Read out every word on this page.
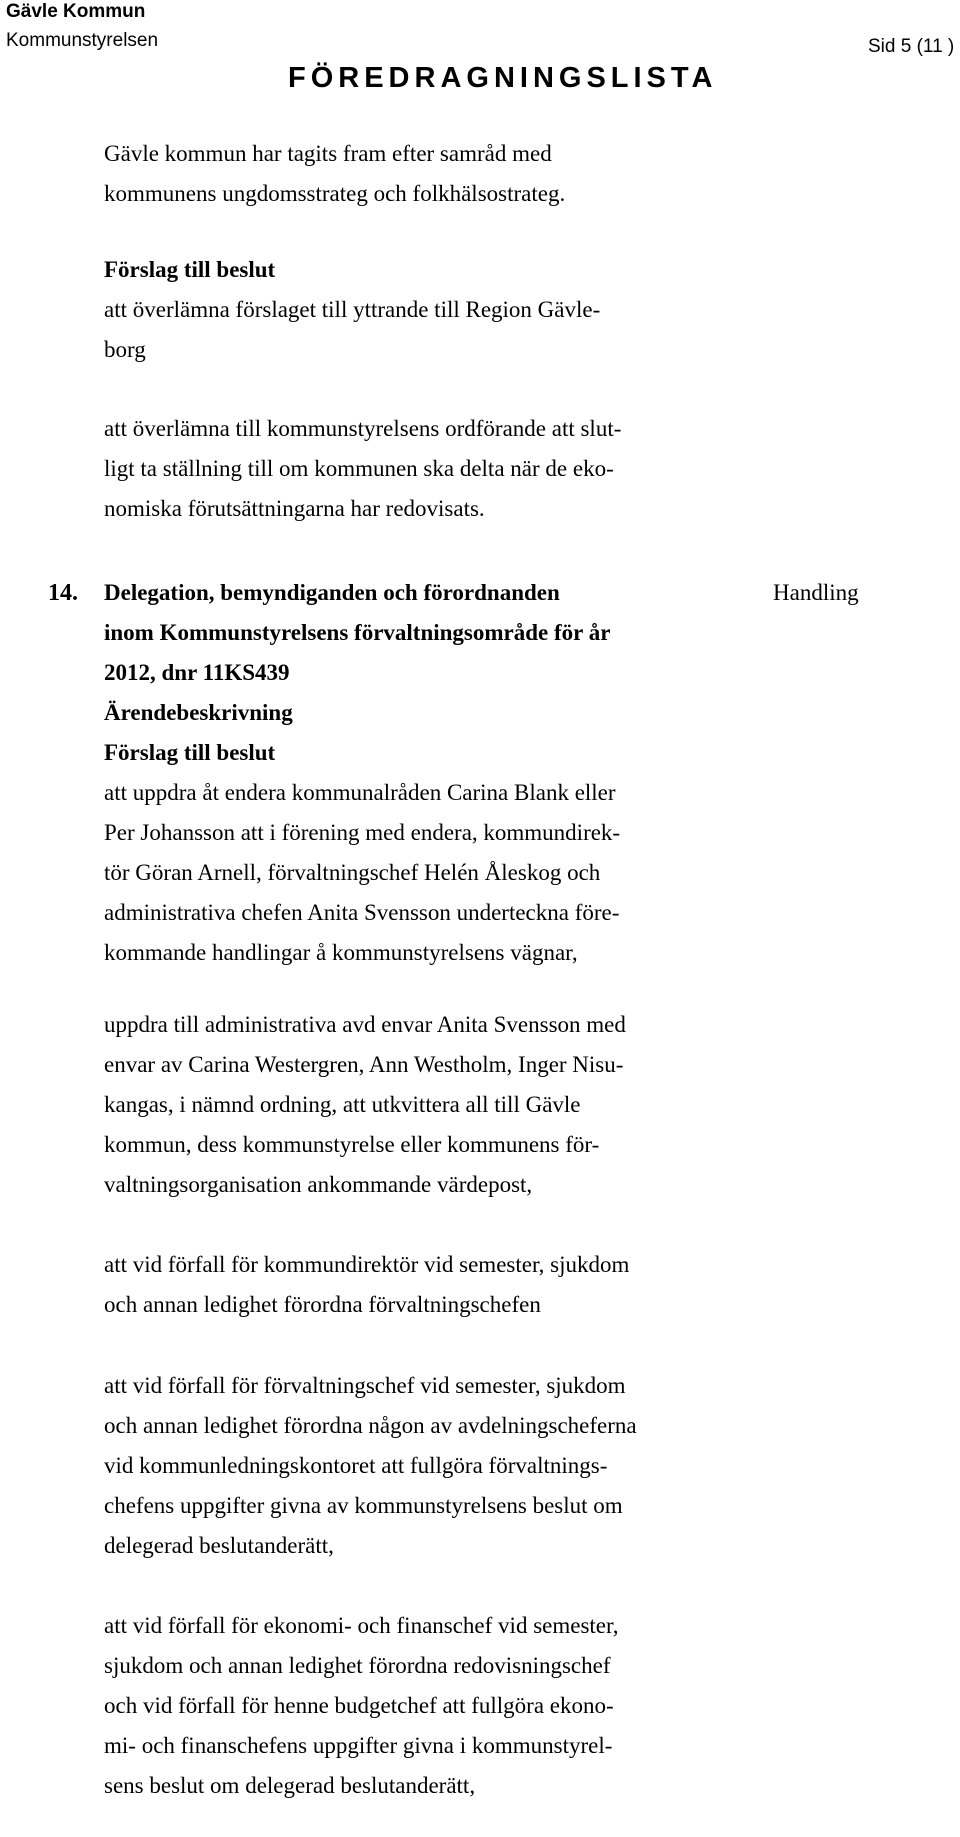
Gävle Kommun
Kommunstyrelsen
FÖREDRAGNINGSLISTA
Sid 5 (11 )
Gävle kommun har tagits fram efter samråd med
kommunens ungdomsstrateg och folkhälsostrateg.
Förslag till beslut
att överlämna förslaget till yttrande till Region Gävle-
borg
att överlämna till kommunstyrelsens ordförande att slut-
ligt ta ställning till om kommunen ska delta när de eko-
nomiska förutsättningarna har redovisats.
14.	Handling
Delegation, bemyndiganden och förordnanden
inom Kommunstyrelsens förvaltningsområde för år
2012, dnr 11KS439
Ärendebeskrivning
Förslag till beslut
att uppdra åt endera kommunalråden Carina Blank eller
Per Johansson att i förening med endera, kommundirek-
tör Göran Arnell, förvaltningschef Helén Åleskog och
administrativa chefen Anita Svensson underteckna före-
kommande handlingar å kommunstyrelsens vägnar,
uppdra till administrativa avd envar Anita Svensson med
envar av Carina Westergren, Ann Westholm, Inger Nisu-
kangas, i nämnd ordning, att utkvittera all till Gävle
kommun, dess kommunstyrelse eller kommunens för-
valtningsorganisation ankommande värdepost,
att vid förfall för kommundirektör vid semester, sjukdom
och annan ledighet förordna förvaltningschefen
att vid förfall för förvaltningschef vid semester, sjukdom
och annan ledighet förordna någon av avdelningscheferna
vid kommunledningskontoret att fullgöra förvaltnings-
chefens uppgifter givna av kommunstyrelsens beslut om
delegerad beslutanderätt,
att vid förfall för ekonomi- och finanschef vid semester,
sjukdom och annan ledighet förordna redovisningschef
och vid förfall för henne budgetchef att fullgöra ekono-
mi- och finanschefens uppgifter givna i kommunstyrel-
sens beslut om delegerad beslutanderätt,
